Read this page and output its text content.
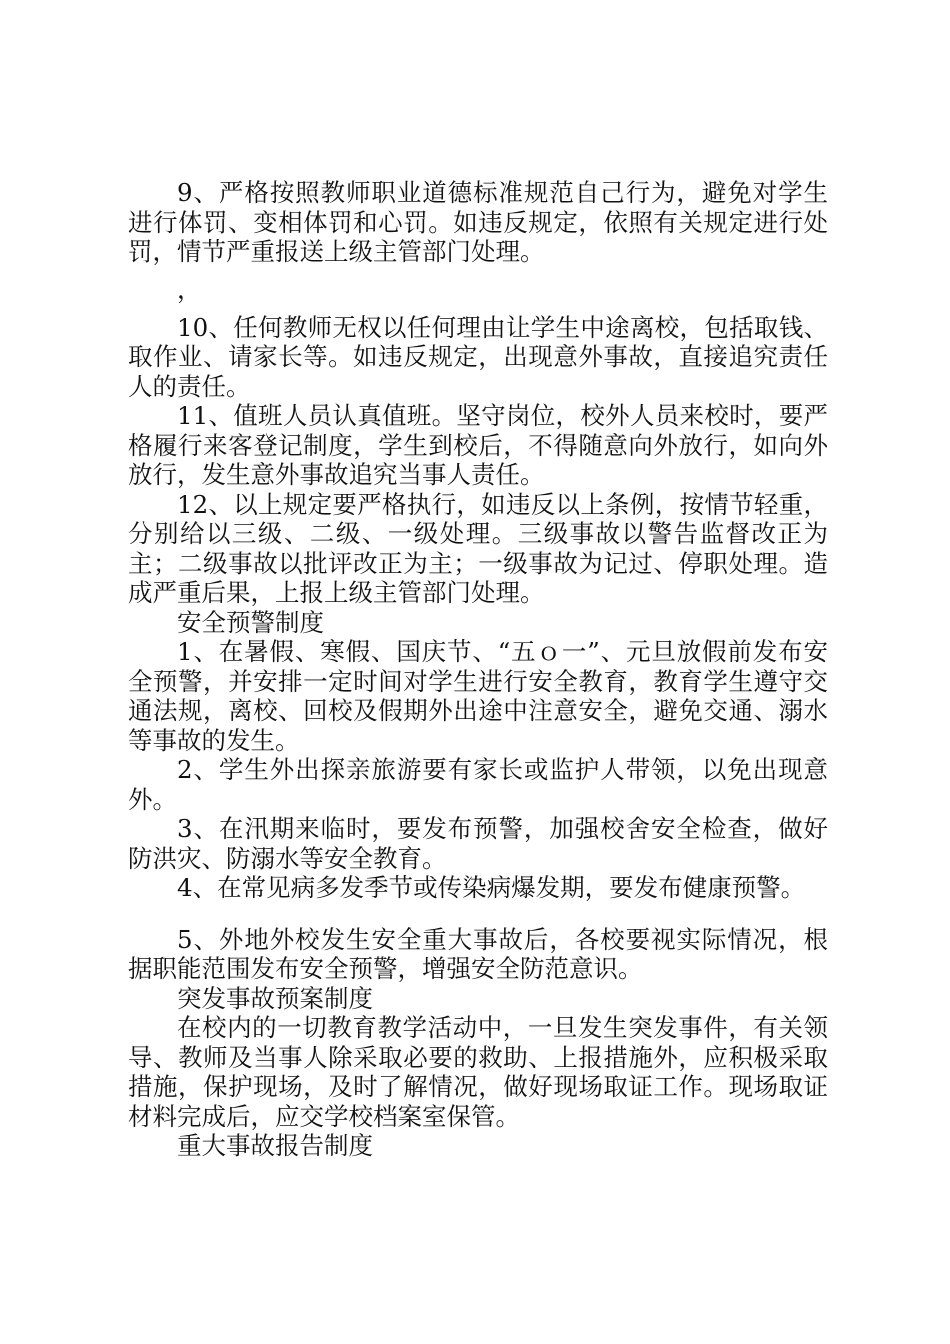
9、严格按照教师职业道德标准规范自己行为，避免对学生进行体罚、变相体罚和心罚。如违反规定，依照有关规定进行处罚，情节严重报送上级主管部门处理。

，

10、任何教师无权以任何理由让学生中途离校，包括取钱、取作业、请家长等。如违反规定，出现意外事故，直接追究责任人的责任。

11、值班人员认真值班。坚守岗位，校外人员来校时，要严格履行来客登记制度，学生到校后，不得随意向外放行，如向外放行，发生意外事故追究当事人责任。

12、以上规定要严格执行，如违反以上条例，按情节轻重，分别给以三级、二级、一级处理。三级事故以警告监督改正为主；二级事故以批评改正为主；一级事故为记过、停职处理。造成严重后果，上报上级主管部门处理。

安全预警制度

1、在暑假、寒假、国庆节、“五ｏ一”、元旦放假前发布安全预警，并安排一定时间对学生进行安全教育，教育学生遵守交通法规，离校、回校及假期外出途中注意安全，避免交通、溺水等事故的发生。

2、学生外出探亲旅游要有家长或监护人带领，以免出现意外。

3、在汛期来临时，要发布预警，加强校舍安全检查，做好防洪灾、防溺水等安全教育。

4、在常见病多发季节或传染病爆发期，要发布健康预警。

5、外地外校发生安全重大事故后，各校要视实际情况，根据职能范围发布安全预警，增强安全防范意识。

突发事故预案制度

在校内的一切教育教学活动中，一旦发生突发事件，有关领导、教师及当事人除采取必要的救助、上报措施外，应积极采取措施，保护现场，及时了解情况，做好现场取证工作。现场取证材料完成后，应交学校档案室保管。

重大事故报告制度
